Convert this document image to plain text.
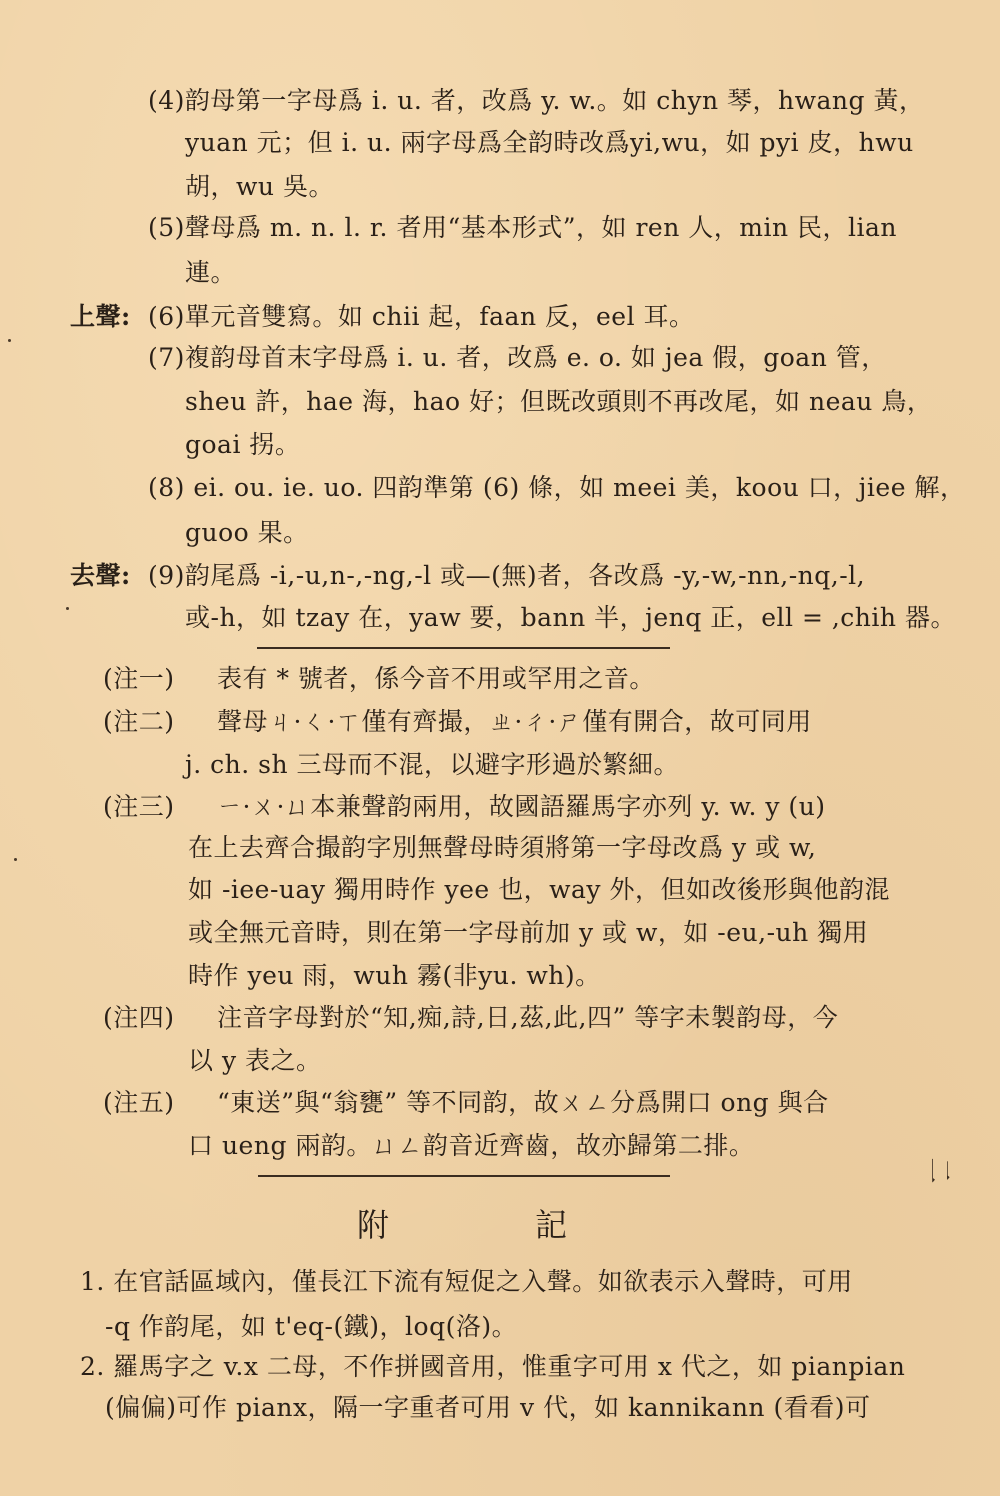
(4)韵母第一字母爲 i. u. 者，改爲 y. w.。如 chyn 琴，hwang 黃，
yuan 元；但 i. u. 兩字母爲全韵時改爲yi,wu，如 pyi 皮，hwu
胡，wu 吳。
(5)聲母爲 m. n. l. r. 者用“基本形式”，如 ren 人，min 民，lian
連。
上聲: (6)單元音雙寫。如 chii 起，faan 反，eel 耳。
(7)複韵母首末字母爲 i. u. 者，改爲 e. o. 如 jea 假，goan 管，
sheu 許，hae 海，hao 好；但既改頭則不再改尾，如 neau 鳥，
goai 拐。
(8) ei. ou. ie. uo. 四韵準第 (6) 條，如 meei 美，koou 口，jiee 解，
guoo 果。
去聲: (9)韵尾爲 -i,-u,n-,-ng,-l 或—(無)者，各改爲 -y,-w,-nn,-nq,-l,
或-h，如 tzay 在，yaw 要，bann 半，jenq 正，ell = ,chih 器。
(注一) 表有 * 號者，係今音不用或罕用之音。
(注二) 聲母ㄐ·ㄑ·ㄒ僅有齊撮，ㄓ·ㄔ·ㄕ僅有開合，故可同用
j. ch. sh 三母而不混，以避字形過於繁細。
(注三) ㄧ·ㄨ·ㄩ本兼聲韵兩用，故國語羅馬字亦列 y. w. y (u)
在上去齊合撮韵字別無聲母時須將第一字母改爲 y 或 w,
如 -iee-uay 獨用時作 yee 也，way 外，但如改後形與他韵混
或全無元音時，則在第一字母前加 y 或 w，如 -eu,-uh 獨用
時作 yeu 雨，wuh 霧(非yu. wh)。
(注四) 注音字母對於“知,痴,詩,日,茲,此,四” 等字未製韵母，今
以 y 表之。
(注五) “東送”與“翁甕” 等不同韵，故ㄨㄥ分爲開口 ong 與合
口 ueng 兩韵。ㄩㄥ韵音近齊齒，故亦歸第二排。
二
附	記
1. 在官話區域內，僅長江下流有短促之入聲。如欲表示入聲時，可用
-q 作韵尾，如 t'eq-(鐵)，loq(洛)。
2. 羅馬字之 v.x 二母，不作拼國音用，惟重字可用 x 代之，如 pianpian
(偏偏)可作 pianx，隔一字重者可用 v 代，如 kannikann (看看)可
